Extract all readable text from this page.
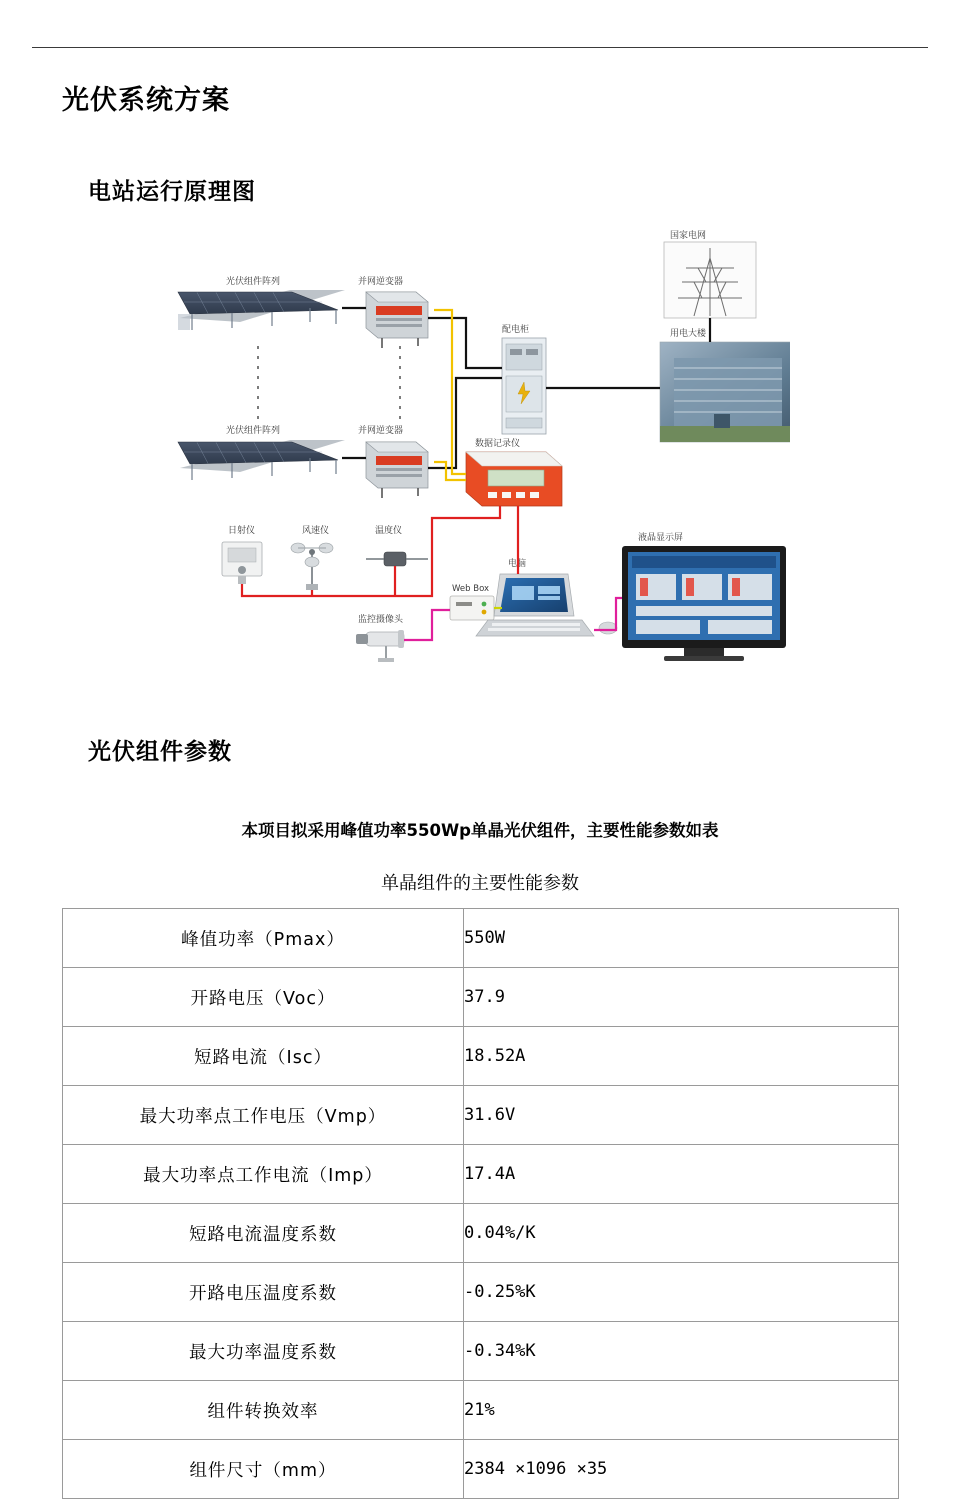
光伏系统方案
电站运行原理图
光伏组件阵列	并网逆变器
配电柜
国家电网
用电大楼
光伏组件阵列	并网逆变器
数据记录仪
日射仪	风速仪	温度仪
Web Box
监控摄像头
电脑
液晶显示屏
光伏组件参数
本项目拟采用峰值功率550Wp单晶光伏组件，主要性能参数如表
单晶组件的主要性能参数
峰值功率（Pmax）	550W
开路电压（Voc）	37.9
短路电流（Isc）	18.52A
最大功率点工作电压（Vmp）	31.6V
最大功率点工作电流（Imp）	17.4A
短路电流温度系数	0.04%/K
开路电压温度系数	-0.25%K
最大功率温度系数	-0.34%K
组件转换效率	21%
组件尺寸（mm）	2384 ×1096 ×35
